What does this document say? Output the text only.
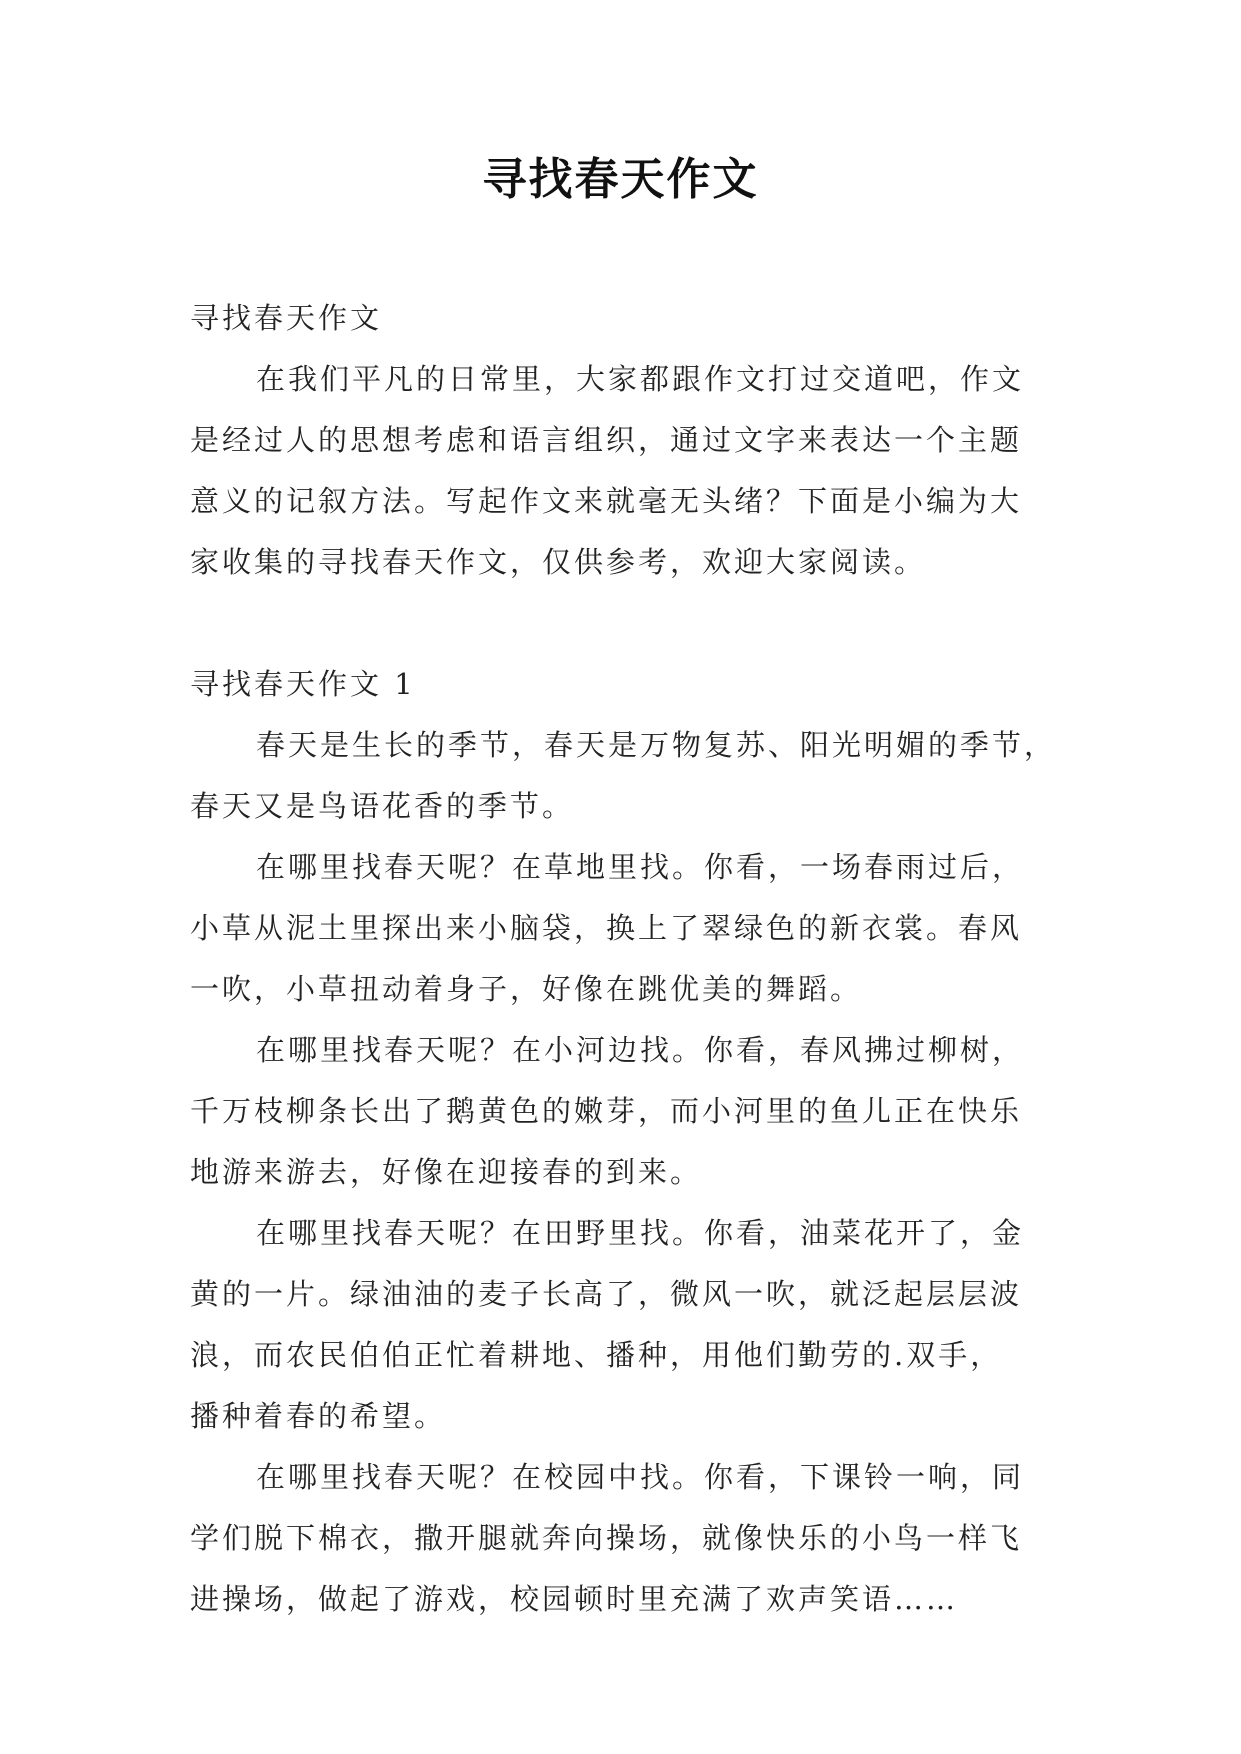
寻找春天作文
寻找春天作文
在我们平凡的日常里，大家都跟作文打过交道吧，作文
是经过人的思想考虑和语言组织，通过文字来表达一个主题
意义的记叙方法。写起作文来就毫无头绪？下面是小编为大
家收集的寻找春天作文，仅供参考，欢迎大家阅读。
寻找春天作文 1
春天是生长的季节，春天是万物复苏、阳光明媚的季节，
春天又是鸟语花香的季节。
在哪里找春天呢？在草地里找。你看，一场春雨过后，
小草从泥土里探出来小脑袋，换上了翠绿色的新衣裳。春风
一吹，小草扭动着身子，好像在跳优美的舞蹈。
在哪里找春天呢？在小河边找。你看，春风拂过柳树，
千万枝柳条长出了鹅黄色的嫩芽，而小河里的鱼儿正在快乐
地游来游去，好像在迎接春的到来。
在哪里找春天呢？在田野里找。你看，油菜花开了，金
黄的一片。绿油油的麦子长高了，微风一吹，就泛起层层波
浪，而农民伯伯正忙着耕地、播种，用他们勤劳的.双手，
播种着春的希望。
在哪里找春天呢？在校园中找。你看，下课铃一响，同
学们脱下棉衣，撒开腿就奔向操场，就像快乐的小鸟一样飞
进操场，做起了游戏，校园顿时里充满了欢声笑语……
